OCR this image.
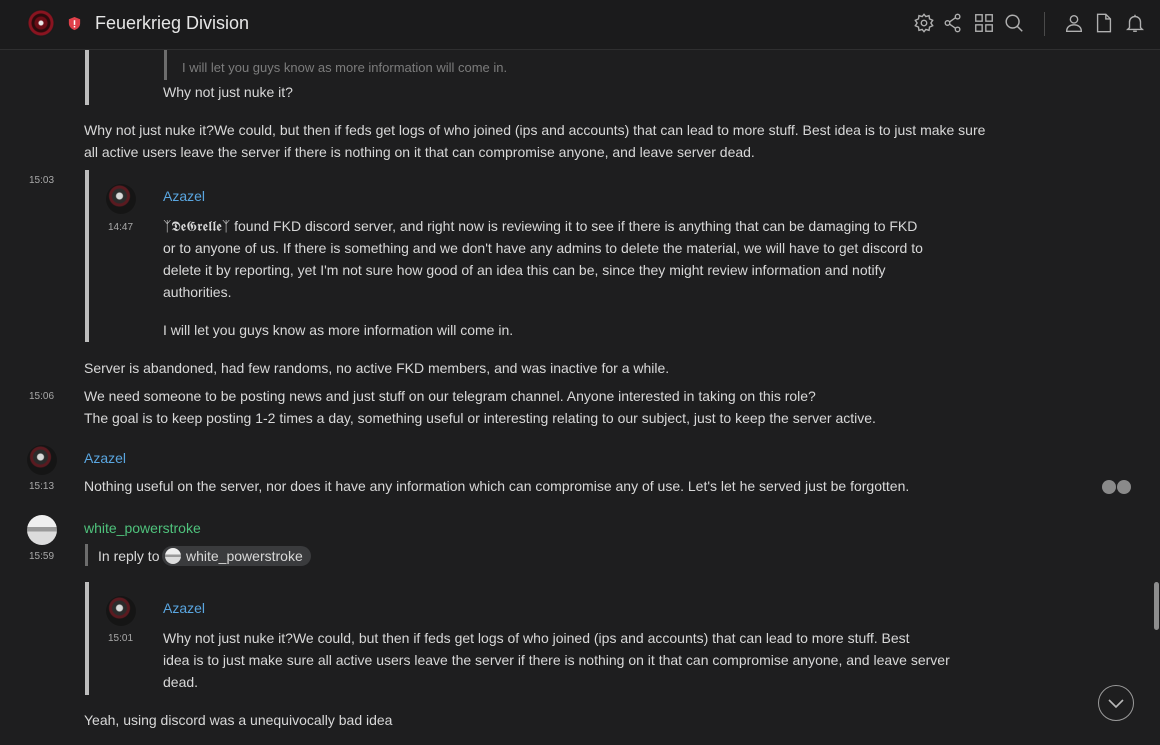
Feuerkrieg Division
I will let you guys know as more information will come in.
Why not just nuke it?
Why not just nuke it?We could, but then if feds get logs of who joined (ips and accounts) that can lead to more stuff. Best idea is to just make sure
all active users leave the server if there is nothing on it that can compromise anyone, and leave server dead.
15:03
Azazel
14:47 ᛉ𝕯𝖊𝕲𝖗𝖊𝖑𝖑𝖊ᛉ found FKD discord server, and right now is reviewing it to see if there is anything that can be damaging to FKD
or to anyone of us. If there is something and we don't have any admins to delete the material, we will have to get discord to
delete it by reporting, yet I'm not sure how good of an idea this can be, since they might review information and notify
authorities.
I will let you guys know as more information will come in.
Server is abandoned, had few randoms, no active FKD members, and was inactive for a while.
15:06 We need someone to be posting news and just stuff on our telegram channel. Anyone interested in taking on this role?
The goal is to keep posting 1-2 times a day, something useful or interesting relating to our subject, just to keep the server active.
Azazel
15:13 Nothing useful on the server, nor does it have any information which can compromise any of use. Let's let he served just be forgotten.
white_powerstroke
15:59	In reply to	white_powerstroke
Azazel
15:01 Why not just nuke it?We could, but then if feds get logs of who joined (ips and accounts) that can lead to more stuff. Best
idea is to just make sure all active users leave the server if there is nothing on it that can compromise anyone, and leave server
dead.
Yeah, using discord was a unequivocally bad idea
